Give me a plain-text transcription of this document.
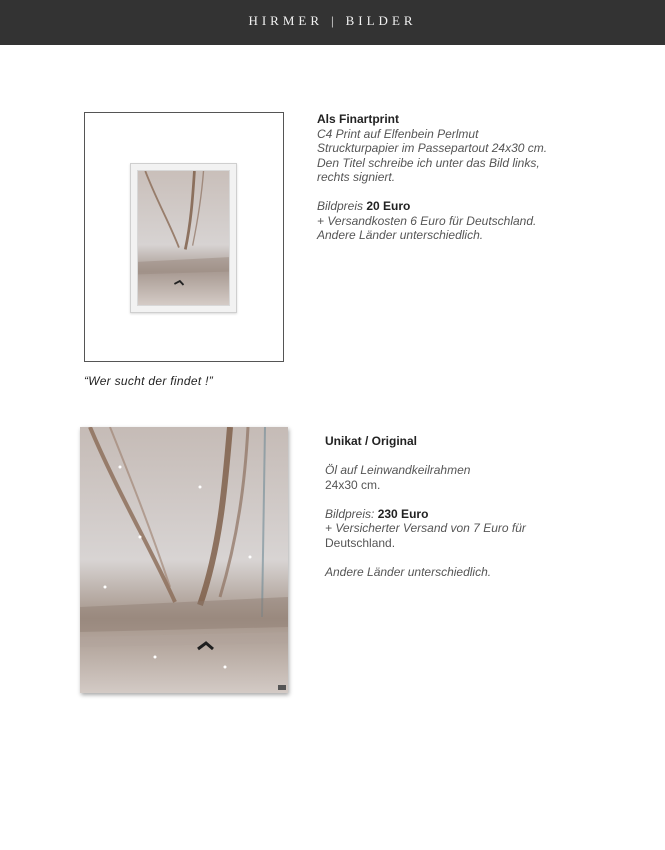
HIRMER | BILDER
“Wer sucht der findet !”
Als Finartprint
C4 Print auf Elfenbein Perlmut
Struckturpapier im Passepartout 24x30 cm.
Den Titel schreibe ich unter das Bild links,
rechts signiert.
Bildpreis 20 Euro
+ Versandkosten 6 Euro für Deutschland.
Andere Länder unterschiedlich.
Unikat / Original
Öl auf Leinwandkeilrahmen
24x30 cm.
Bildpreis: 230 Euro
+ Versicherter Versand von 7 Euro für
Deutschland.
Andere Länder unterschiedlich.
